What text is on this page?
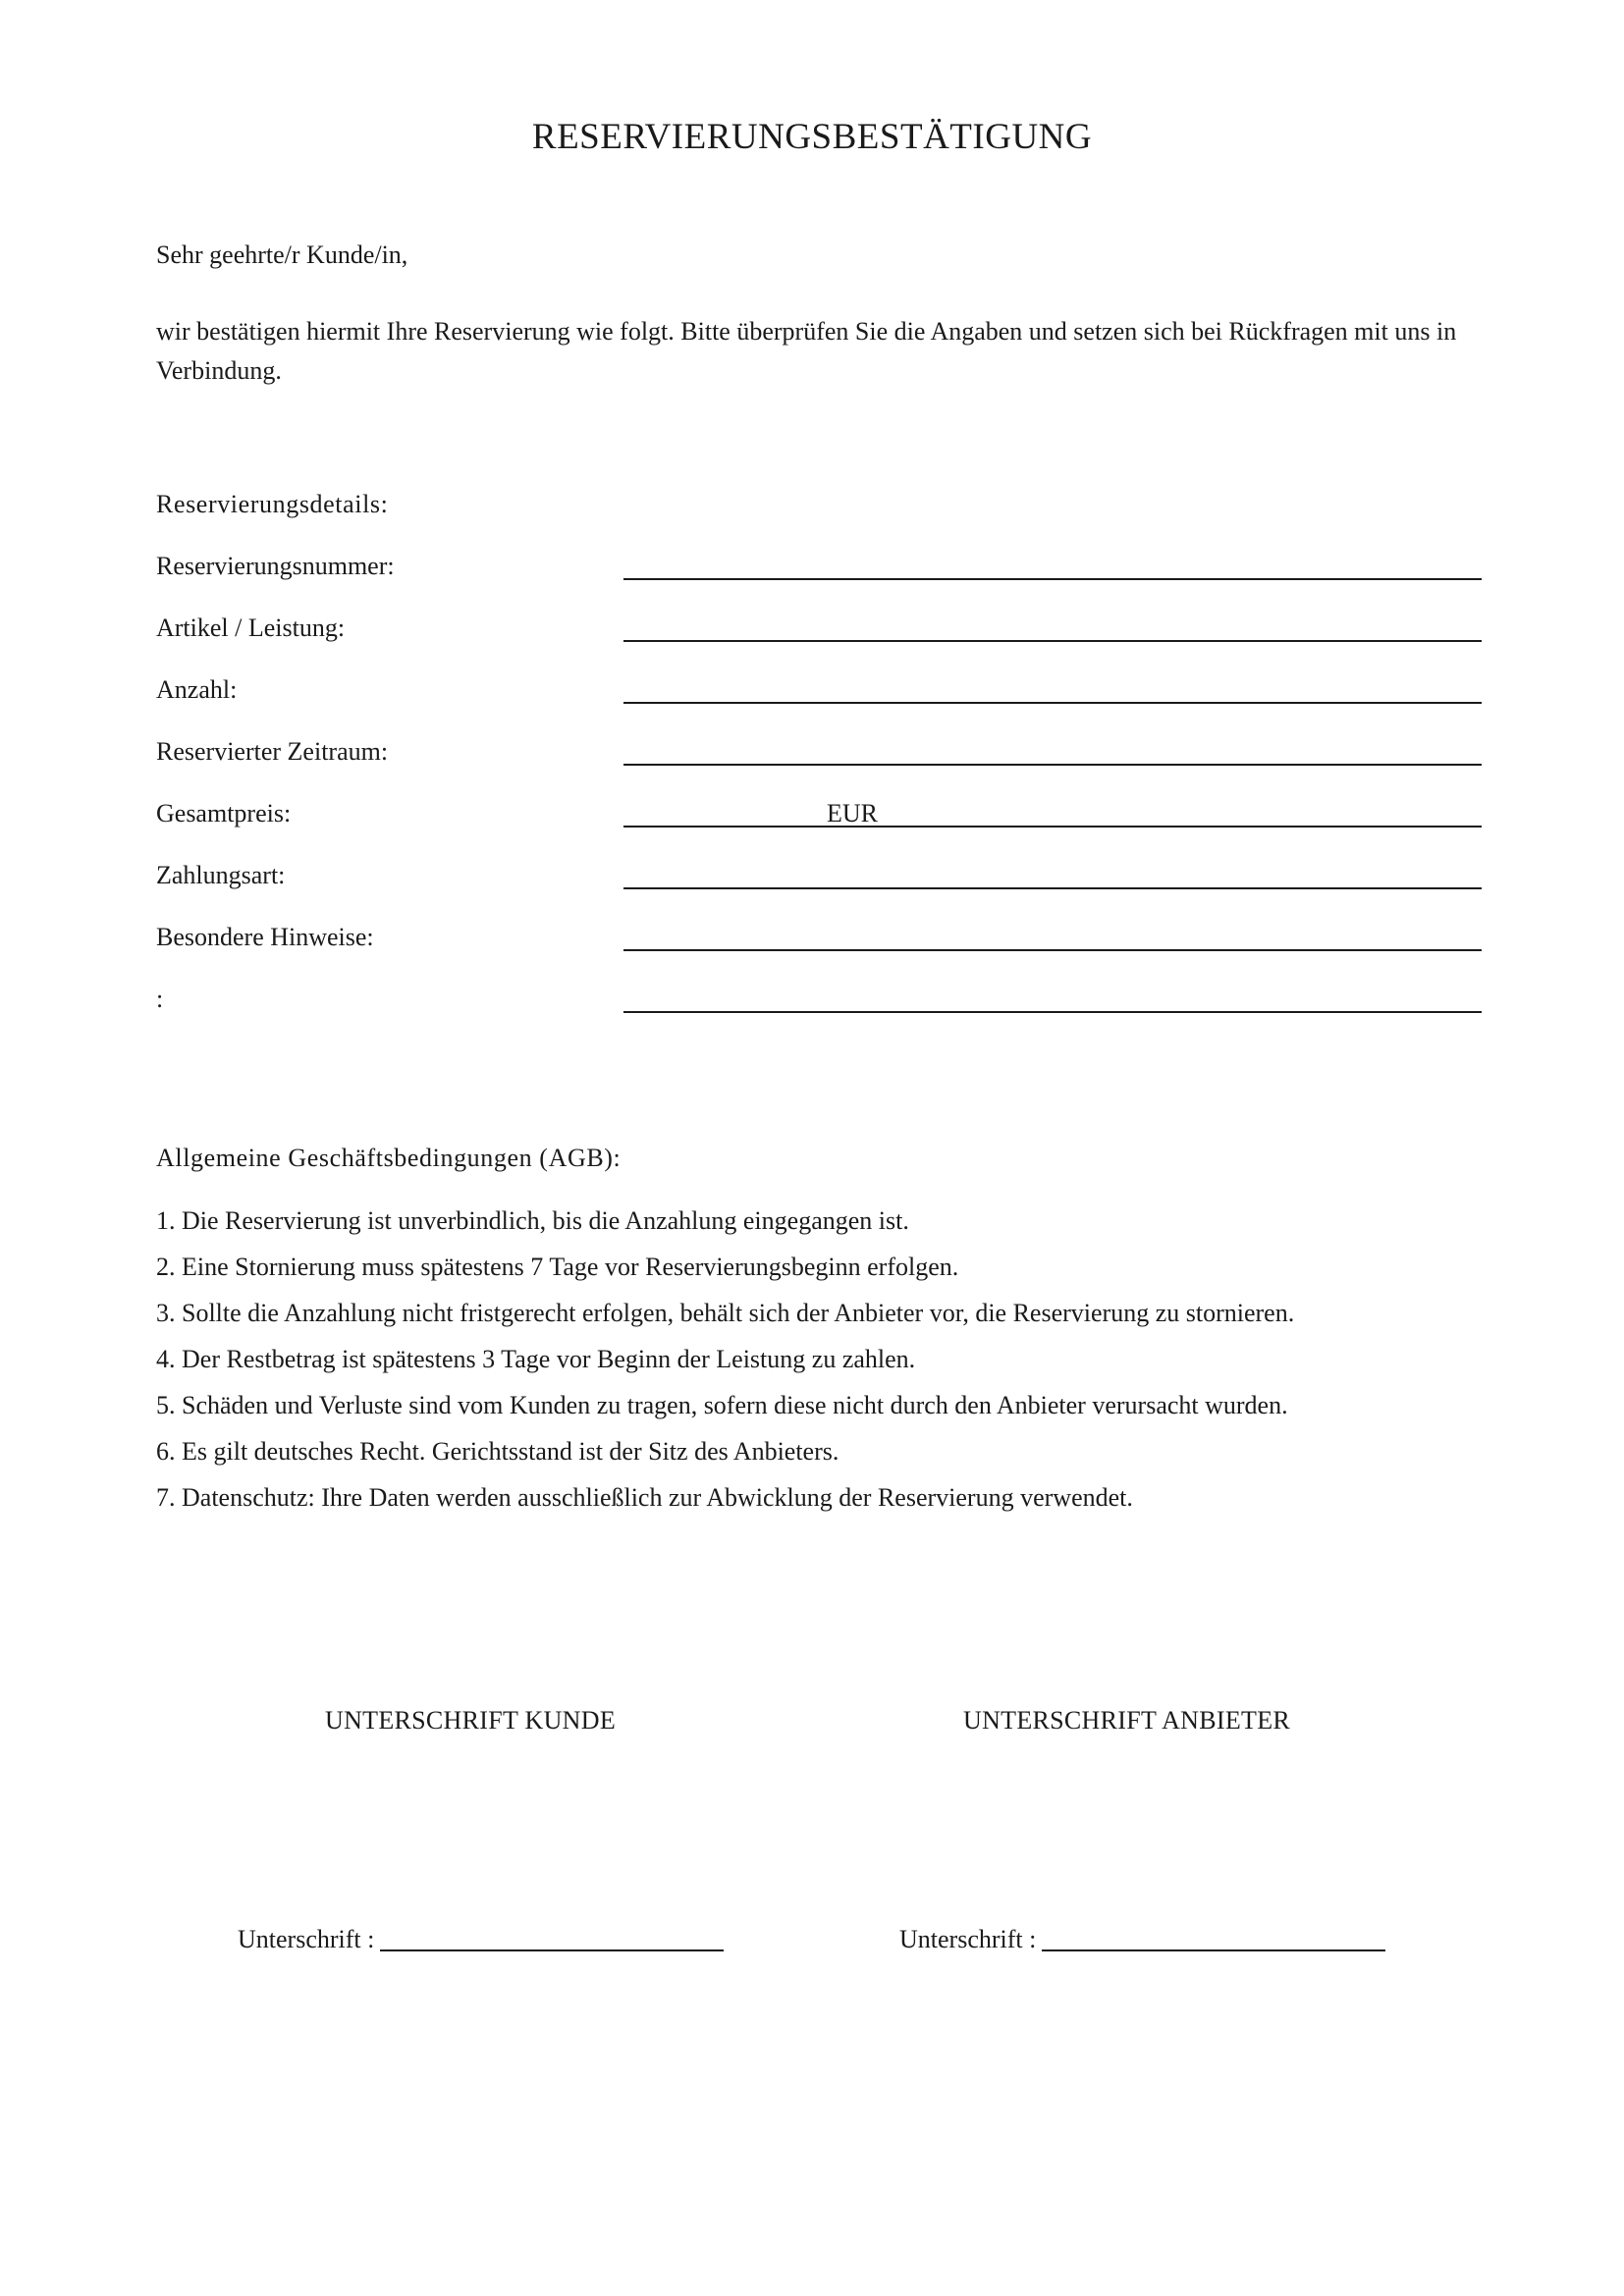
RESERVIERUNGSBESTÄTIGUNG
Sehr geehrte/r Kunde/in,
wir bestätigen hiermit Ihre Reservierung wie folgt. Bitte überprüfen Sie die Angaben und setzen sich bei Rückfragen mit uns in Verbindung.
Reservierungsdetails:
Reservierungsnummer:
Artikel / Leistung:
Anzahl:
Reservierter Zeitraum:
Gesamtpreis:	EUR
Zahlungsart:
Besondere Hinweise:
:
Allgemeine Geschäftsbedingungen (AGB):
1. Die Reservierung ist unverbindlich, bis die Anzahlung eingegangen ist.
2. Eine Stornierung muss spätestens 7 Tage vor Reservierungsbeginn erfolgen.
3. Sollte die Anzahlung nicht fristgerecht erfolgen, behält sich der Anbieter vor, die Reservierung zu stornieren.
4. Der Restbetrag ist spätestens 3 Tage vor Beginn der Leistung zu zahlen.
5. Schäden und Verluste sind vom Kunden zu tragen, sofern diese nicht durch den Anbieter verursacht wurden.
6. Es gilt deutsches Recht. Gerichtsstand ist der Sitz des Anbieters.
7. Datenschutz: Ihre Daten werden ausschließlich zur Abwicklung der Reservierung verwendet.
UNTERSCHRIFT KUNDE	UNTERSCHRIFT ANBIETER
Unterschrift :	Unterschrift :
